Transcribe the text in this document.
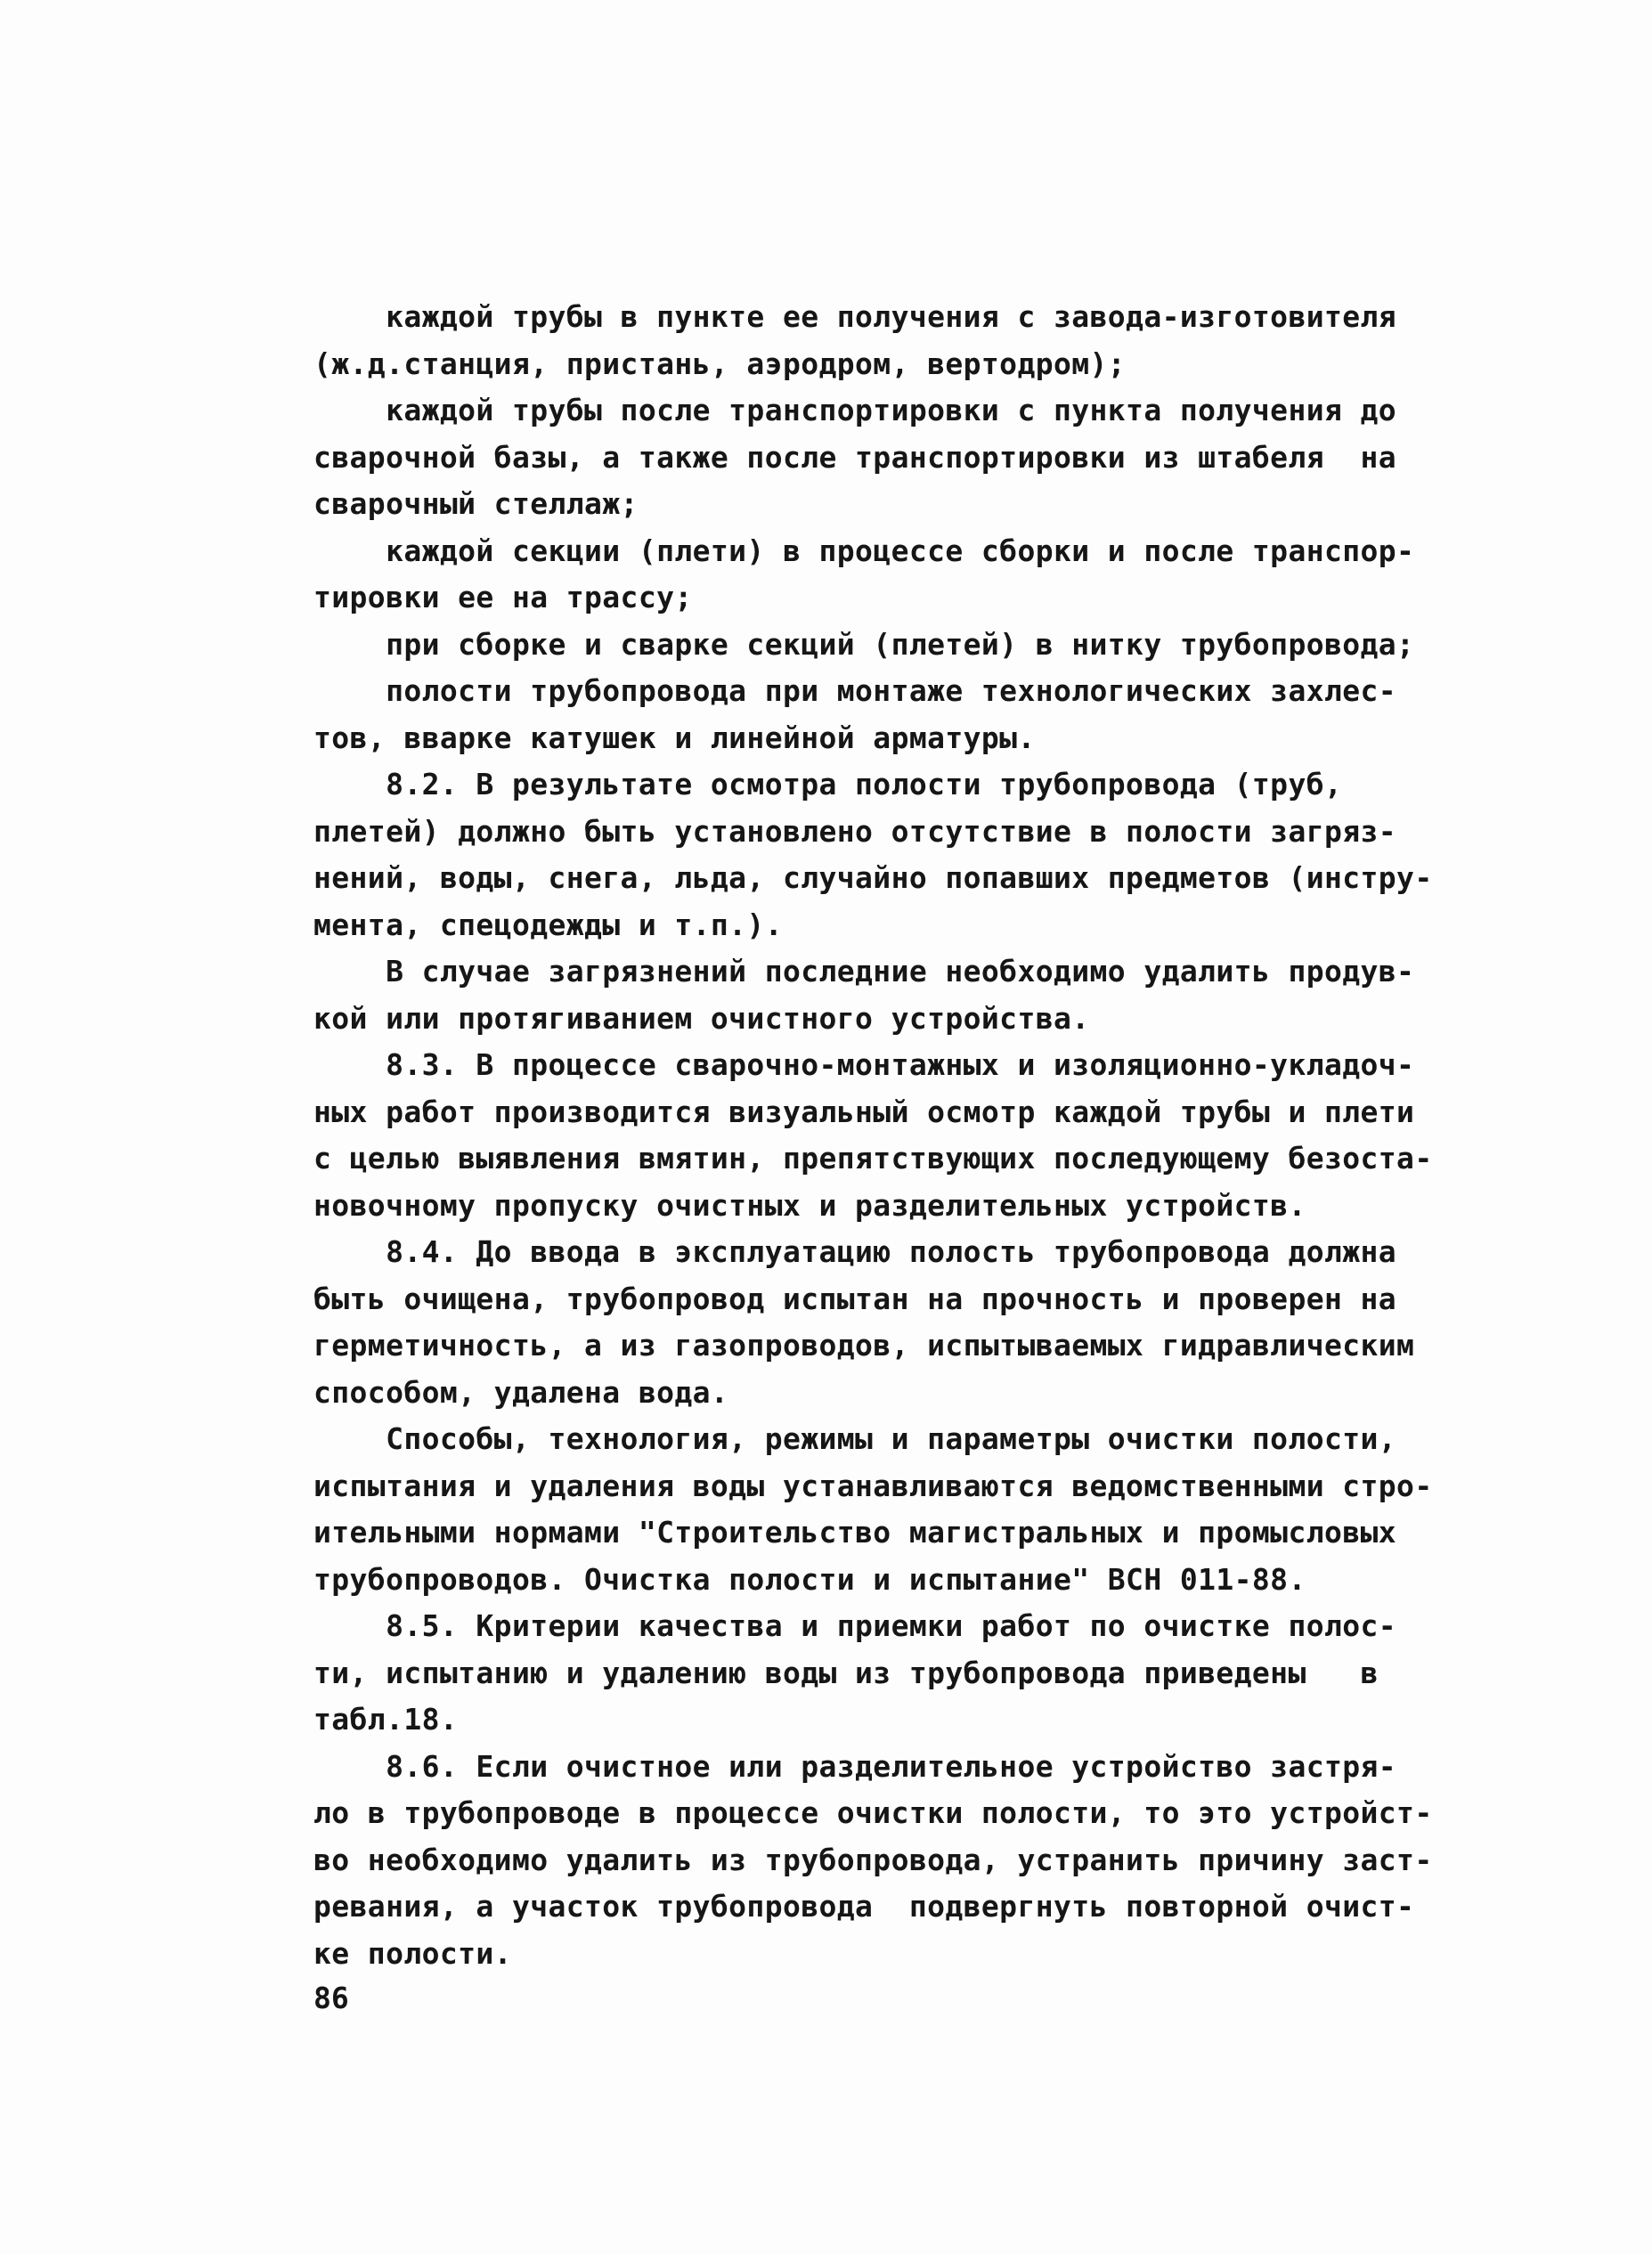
каждой трубы в пункте ее получения с завода-изготовителя
(ж.д.станция, пристань, аэродром, вертодром);
каждой трубы после транспортировки с пункта получения до
сварочной базы, а также после транспортировки из штабеля  на
сварочный стеллаж;
каждой секции (плети) в процессе сборки и после транспор-
тировки ее на трассу;
при сборке и сварке секций (плетей) в нитку трубопровода;
полости трубопровода при монтаже технологических захлес-
тов, вварке катушек и линейной арматуры.
8.2. В результате осмотра полости трубопровода (труб,
плетей) должно быть установлено отсутствие в полости загряз-
нений, воды, снега, льда, случайно попавших предметов (инстру-
мента, спецодежды и т.п.).
В случае загрязнений последние необходимо удалить продув-
кой или протягиванием очистного устройства.
8.3. В процессе сварочно-монтажных и изоляционно-укладоч-
ных работ производится визуальный осмотр каждой трубы и плети
с целью выявления вмятин, препятствующих последующему безоста-
новочному пропуску очистных и разделительных устройств.
8.4. До ввода в эксплуатацию полость трубопровода должна
быть очищена, трубопровод испытан на прочность и проверен на
герметичность, а из газопроводов, испытываемых гидравлическим
способом, удалена вода.
Способы, технология, режимы и параметры очистки полости,
испытания и удаления воды устанавливаются ведомственными стро-
ительными нормами "Строительство магистральных и промысловых
трубопроводов. Очистка полости и испытание" ВСН 011-88.
8.5. Критерии качества и приемки работ по очистке полос-
ти, испытанию и удалению воды из трубопровода приведены   в
табл.18.
8.6. Если очистное или разделительное устройство застря-
ло в трубопроводе в процессе очистки полости, то это устройст-
во необходимо удалить из трубопровода, устранить причину заст-
ревания, а участок трубопровода  подвергнуть повторной очист-
ке полости.
86
